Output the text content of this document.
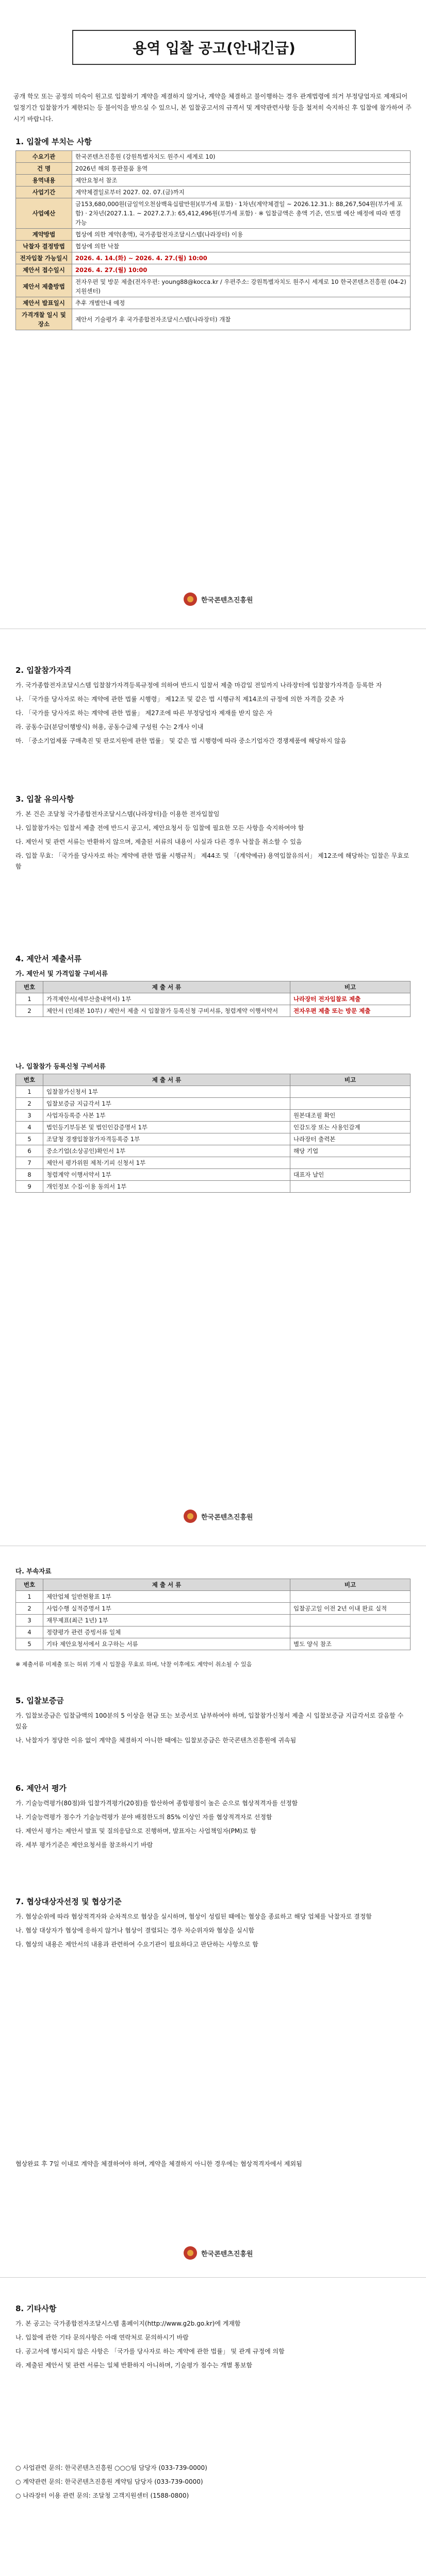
용역 입찰 공고(안내긴급)
공개 학모 또는 공정의 미숙이 원고로 입찰하기 계약을 제결하지 않거나, 계약을 체결하고 불이행하는 경우 관계법령에 의거 부정당업자로 제재되어 일정기간 입찰참가가 제한되는 등 불이익을 받으실 수 있으니, 본 입찰공고서의 규격서 및 계약관련사항 등을 철저히 숙지하신 후 입찰에 참가하여 주시기 바랍니다.
1. 입찰에 부치는 사항
수요기관	한국콘텐츠진흥원 (강원특별자치도 원주시 세계로 10)
건 명	2026년 해외 통관물품 용역
용역내용	제안요청서 참조
사업기간	계약체결일로부터 2027. 02. 07.(금)까지
사업예산	금153,680,000원(금일억오천삼백육십팔만원)(부가세 포함) · 1차년(계약체결일 ~ 2026.12.31.): 88,267,504원(부가세 포함) · 2차년(2027.1.1. ~ 2027.2.7.): 65,412,496원(부가세 포함) · ※ 입찰금액은 총액 기준, 연도별 예산 배정에 따라 변경 가능
계약방법	협상에 의한 계약(총액), 국가종합전자조달시스템(나라장터) 이용
낙찰자 결정방법	협상에 의한 낙찰
전자입찰 가능일시	2026. 4. 14.(화) ~ 2026. 4. 27.(월) 10:00
제안서 접수일시	2026. 4. 27.(월) 10:00
제안서 제출방법	전자우편 및 방문 제출(전자우편: young88@kocca.kr / 우편주소: 강원특별자치도 원주시 세계로 10 한국콘텐츠진흥원 (04-2) 지원센터)
제안서 발표일시	추후 개별안내 예정
가격개찰 일시 및 장소	제안서 기술평가 후 국가종합전자조달시스템(나라장터) 개찰
한국콘텐츠진흥원
2. 입찰참가자격
가. 국가종합전자조달시스템 입찰참가자격등록규정에 의하여 반드시 입찰서 제출 마감일 전일까지 나라장터에 입찰참가자격을 등록한 자
나. 「국가를 당사자로 하는 계약에 관한 법률 시행령」 제12조 및 같은 법 시행규칙 제14조의 규정에 의한 자격을 갖춘 자
다. 「국가를 당사자로 하는 계약에 관한 법률」 제27조에 따른 부정당업자 제재를 받지 않은 자
라. 공동수급(분담이행방식) 허용, 공동수급체 구성원 수는 2개사 이내
마. 「중소기업제품 구매촉진 및 판로지원에 관한 법률」 및 같은 법 시행령에 따라 중소기업자간 경쟁제품에 해당하지 않음
3. 입찰 유의사항
가. 본 건은 조달청 국가종합전자조달시스템(나라장터)을 이용한 전자입찰임
나. 입찰참가자는 입찰서 제출 전에 반드시 공고서, 제안요청서 등 입찰에 필요한 모든 사항을 숙지하여야 함
다. 제안서 및 관련 서류는 반환하지 않으며, 제출된 서류의 내용이 사실과 다른 경우 낙찰을 취소할 수 있음
라. 입찰 무효: 「국가를 당사자로 하는 계약에 관한 법률 시행규칙」 제44조 및 「(계약예규) 용역입찰유의서」 제12조에 해당하는 입찰은 무효로 함
4. 제안서 제출서류
가. 제안서 및 가격입찰 구비서류
번호	제 출 서 류	비고
1	가격제안서(세부산출내역서) 1부	나라장터 전자입찰로 제출
2	제안서 (인쇄본 10부) / 제안서 제출 시 입찰참가 등록신청 구비서류, 청렴계약 이행서약서	전자우편 제출 또는 방문 제출
나. 입찰참가 등록신청 구비서류
번호	제 출 서 류	비고
1	입찰참가신청서 1부	
2	입찰보증금 지급각서 1부	
3	사업자등록증 사본 1부	원본대조필 확인
4	법인등기부등본 및 법인인감증명서 1부	인감도장 또는 사용인감계
5	조달청 경쟁입찰참가자격등록증 1부	나라장터 출력본
6	중소기업(소상공인)확인서 1부	해당 기업
7	제안서 평가위원 제척·기피 신청서 1부	
8	청렴계약 이행서약서 1부	대표자 날인
9	개인정보 수집·이용 동의서 1부	
한국콘텐츠진흥원
다. 부속자료
번호	제 출 서 류	비고
1	제안업체 일반현황표 1부	
2	사업수행 실적증명서 1부	입찰공고일 이전 2년 이내 완료 실적
3	재무제표(최근 1년) 1부	
4	정량평가 관련 증빙서류 일체	
5	기타 제안요청서에서 요구하는 서류	별도 양식 참조
※ 제출서류 미제출 또는 허위 기재 시 입찰을 무효로 하며, 낙찰 이후에도 계약이 취소될 수 있음
5. 입찰보증금
가. 입찰보증금은 입찰금액의 100분의 5 이상을 현금 또는 보증서로 납부하여야 하며, 입찰참가신청서 제출 시 입찰보증금 지급각서로 갈음할 수 있음
나. 낙찰자가 정당한 이유 없이 계약을 체결하지 아니한 때에는 입찰보증금은 한국콘텐츠진흥원에 귀속됨
6. 제안서 평가
가. 기술능력평가(80점)와 입찰가격평가(20점)를 합산하여 종합평점이 높은 순으로 협상적격자를 선정함
나. 기술능력평가 점수가 기술능력평가 분야 배점한도의 85% 이상인 자를 협상적격자로 선정함
다. 제안서 평가는 제안서 발표 및 질의응답으로 진행하며, 발표자는 사업책임자(PM)로 함
라. 세부 평가기준은 제안요청서를 참조하시기 바람
7. 협상대상자선정 및 협상기준
가. 협상순위에 따라 협상적격자와 순차적으로 협상을 실시하며, 협상이 성립된 때에는 협상을 종료하고 해당 업체를 낙찰자로 결정함
나. 협상 대상자가 협상에 응하지 않거나 협상이 결렬되는 경우 차순위자와 협상을 실시함
다. 협상의 내용은 제안서의 내용과 관련하여 수요기관이 필요하다고 판단하는 사항으로 함
협상완료 후 7일 이내로 계약을 체결하여야 하며, 계약을 체결하지 아니한 경우에는 협상적격자에서 제외됨
한국콘텐츠진흥원
8. 기타사항
가. 본 공고는 국가종합전자조달시스템 홈페이지(http://www.g2b.go.kr)에 게재함
나. 입찰에 관한 기타 문의사항은 아래 연락처로 문의하시기 바람
다. 공고서에 명시되지 않은 사항은 「국가를 당사자로 하는 계약에 관한 법률」 및 관계 규정에 의함
라. 제출된 제안서 및 관련 서류는 일체 반환하지 아니하며, 기술평가 점수는 개별 통보함
○ 사업관련 문의: 한국콘텐츠진흥원 ○○○팀 담당자 (033-739-0000)
○ 계약관련 문의: 한국콘텐츠진흥원 계약팀 담당자 (033-739-0000)
○ 나라장터 이용 관련 문의: 조달청 고객지원센터 (1588-0800)
